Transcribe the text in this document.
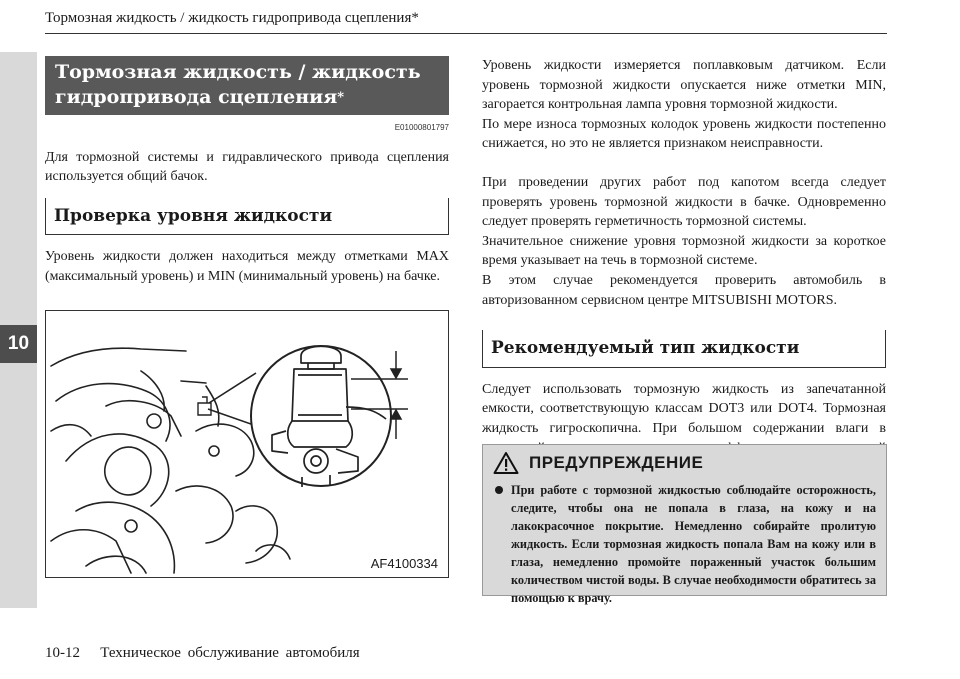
10
Тормозная жидкость / жидкость гидропривода сцепления*
Тормозная жидкость / жидкость гидропривода сцепления*
E01000801797

Для тормозной системы и гидравлического привода сцепления используется общий бачок.

Проверка уровня жидкости

Уровень жидкости должен находиться между отметками MAX (максимальный уровень) и MIN (минимальный уровень) на бачке.

AF4100334

Уровень жидкости измеряется поплавковым датчиком. Если уровень тормозной жидкости опускается ниже отметки MIN, загорается контрольная лампа уровня тормозной жидкости.

По мере износа тормозных колодок уровень жидкости постепенно снижается, но это не является признаком неисправности.

При проведении других работ под капотом всегда следует проверять уровень тормозной жидкости в бачке. Одновременно следует проверять герметичность тормозной системы.

Значительное снижение уровня тормозной жидкости за короткое время указывает на течь в тормозной системе.

В этом случае рекомендуется проверить автомобиль в авторизованном сервисном центре MITSUBISHI MOTORS.

Рекомендуемый тип жидкости

Следует использовать тормозную жидкость из запечатанной емкости, соответствующую классам DOT3 или DOT4. Тормозная жидкость гигроскопична. При большом содержании влаги в

ПРЕДУПРЕЖДЕНИЕ

При работе с тормозной жидкостью соблюдайте осторожность, следите, чтобы она не попала в глаза, на кожу и на лакокрасочное покрытие. Немедленно собирайте пролитую жидкость. Если тормозная жидкость попала Вам на кожу или в глаза, немедленно промойте пораженный участок большим количеством чистой воды. В случае необходимости обратитесь за помощью к врачу.

10-12 Техническое обслуживание автомобиля
